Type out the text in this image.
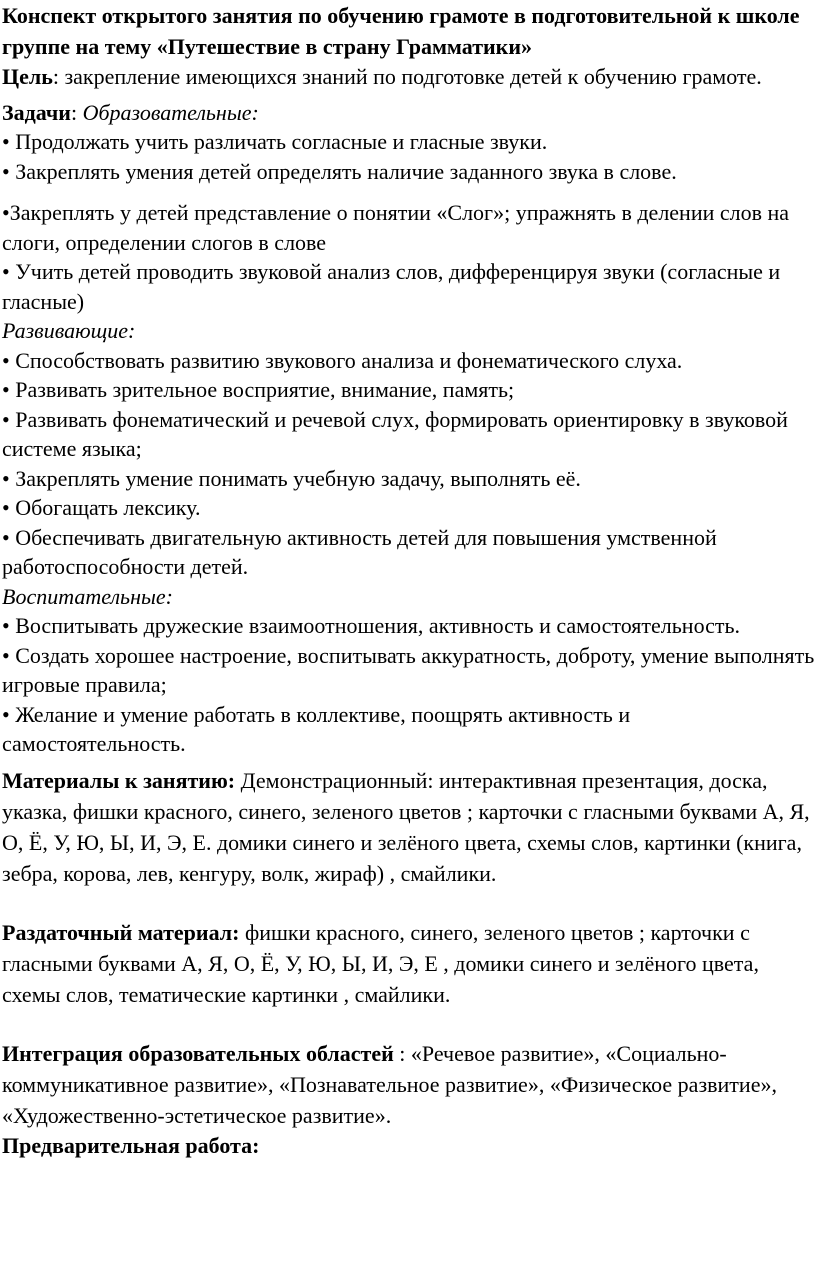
Конспект открытого занятия по обучению грамоте в подготовительной к школе группе на тему «Путешествие в страну Грамматики»

Цель: закрепление имеющихся знаний по подготовке детей к обучению грамоте.

Задачи: Образовательные:

• Продолжать учить различать согласные и гласные звуки.

• Закреплять умения детей определять наличие заданного звука в слове.

•Закреплять у детей представление о понятии «Слог»; упражнять в делении слов на слоги, определении слогов в слове

• Учить детей проводить звуковой анализ слов, дифференцируя звуки (согласные и гласные)

Развивающие:

• Способствовать развитию звукового анализа и фонематического слуха.

• Развивать зрительное восприятие, внимание, память;

• Развивать фонематический и речевой слух, формировать ориентировку в звуковой системе языка;

• Закреплять умение понимать учебную задачу, выполнять её.

• Обогащать лексику.

• Обеспечивать двигательную активность детей для повышения умственной работоспособности детей.

Воспитательные:

• Воспитывать дружеские взаимоотношения, активность и самостоятельность.

• Создать хорошее настроение, воспитывать аккуратность, доброту, умение выполнять игровые правила;

• Желание и умение работать в коллективе, поощрять активность и самостоятельность.

Материалы к занятию: Демонстрационный: интерактивная презентация, доска, указка, фишки красного, синего, зеленого цветов ; карточки с гласными буквами А, Я, О, Ё, У, Ю, Ы, И, Э, Е. домики синего и зелёного цвета, схемы слов, картинки (книга, зебра, корова, лев, кенгуру, волк, жираф) , смайлики.

Раздаточный материал: фишки красного, синего, зеленого цветов ; карточки с гласными буквами А, Я, О, Ё, У, Ю, Ы, И, Э, Е , домики синего и зелёного цвета, схемы слов, тематические картинки , смайлики.

Интеграция образовательных областей : «Речевое развитие», «Социально-коммуникативное развитие», «Познавательное развитие», «Физическое развитие», «Художественно-эстетическое развитие».

Предварительная работа:
